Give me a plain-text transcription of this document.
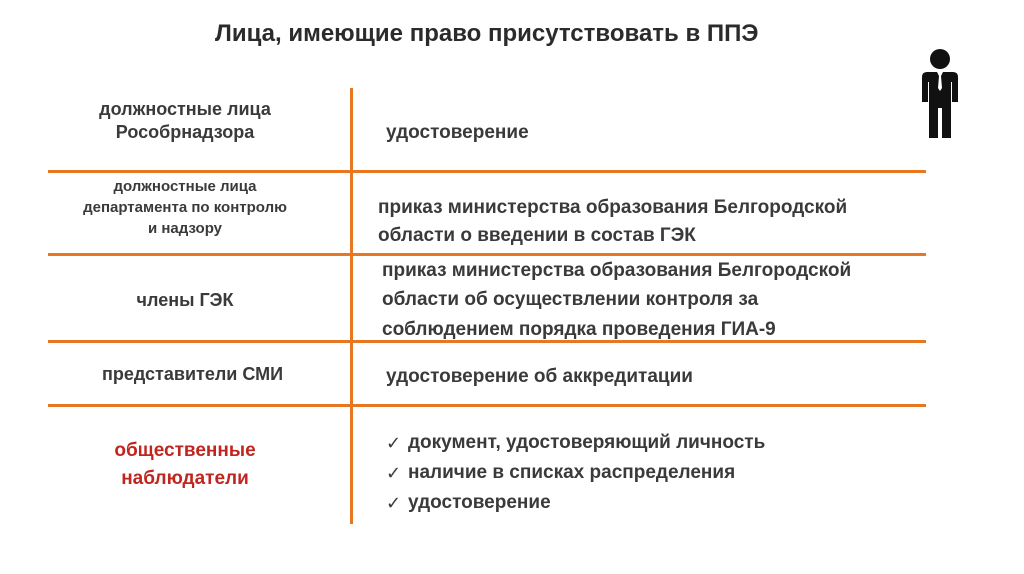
Лица, имеющие право присутствовать в ППЭ
должностные лица
Рособрнадзора	удостоверение
должностные лица
департамента по контролю
и надзору
приказ министерства образования Белгородской
области о введении в состав ГЭК
члены ГЭК
приказ министерства образования Белгородской
области об осуществлении контроля за
соблюдением порядка проведения ГИА-9
представители СМИ	удостоверение об аккредитации
общественные
наблюдатели
✓ документ, удостоверяющий личность
✓ наличие в списках распределения
✓ удостоверение
